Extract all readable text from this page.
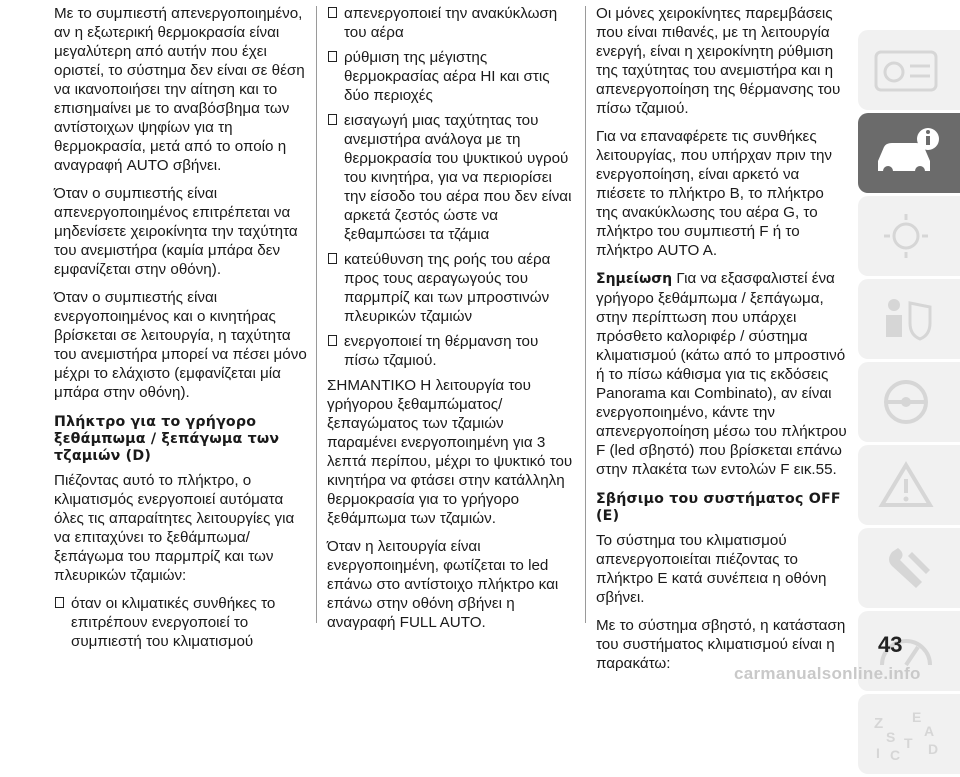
Με το συμπιεστή απενεργοποιημένο, αν η εξωτερική θερμοκρασία είναι μεγαλύτερη από αυτήν που έχει οριστεί, το σύστημα δεν είναι σε θέση να ικανοποιήσει την αίτηση και το επισημαίνει με το αναβόσβημα των αντίστοιχων ψηφίων για τη θερμοκρασία, μετά από το οποίο η αναγραφή AUTO σβήνει.

Όταν ο συμπιεστής είναι απενεργοποιημένος επιτρέπεται να μηδενίσετε χειροκίνητα την ταχύτητα του ανεμιστήρα (καμία μπάρα δεν εμφανίζεται στην οθόνη).

Όταν ο συμπιεστής είναι ενεργοποιημένος και ο κινητήρας βρίσκεται σε λειτουργία, η ταχύτητα του ανεμιστήρα μπορεί να πέσει μόνο μέχρι το ελάχιστο (εμφανίζεται μία μπάρα στην οθόνη).

Πλήκτρο για το γρήγορο ξεθάμπωμα / ξεπάγωμα των τζαμιών (D)

Πιέζοντας αυτό το πλήκτρο, ο κλιματισμός ενεργοποιεί αυτόματα όλες τις απαραίτητες λειτουργίες για να επιταχύνει το ξεθάμπωμα/ξεπάγωμα του παρμπρίζ και των πλευρικών τζαμιών:

όταν οι κλιματικές συνθήκες το επιτρέπουν ενεργοποιεί το συμπιεστή του κλιματισμού
απενεργοποιεί την ανακύκλωση του αέρα
ρύθμιση της μέγιστης θερμοκρασίας αέρα HI και στις δύο περιοχές
εισαγωγή μιας ταχύτητας του ανεμιστήρα ανάλογα με τη θερμοκρασία του ψυκτικού υγρού του κινητήρα, για να περιορίσει την είσοδο του αέρα που δεν είναι αρκετά ζεστός ώστε να ξεθαμπώσει τα τζάμια
κατεύθυνση της ροής του αέρα προς τους αεραγωγούς του παρμπρίζ και των μπροστινών πλευρικών τζαμιών
ενεργοποιεί τη θέρμανση του πίσω τζαμιού.

ΣΗΜΑΝΤΙΚΟ Η λειτουργία του γρήγορου ξεθαμπώματος/ξεπαγώματος των τζαμιών παραμένει ενεργοποιημένη για 3 λεπτά περίπου, μέχρι το ψυκτικό του κινητήρα να φτάσει στην κατάλληλη θερμοκρασία για το γρήγορο ξεθάμπωμα των τζαμιών.

Όταν η λειτουργία είναι ενεργοποιημένη, φωτίζεται το led επάνω στο αντίστοιχο πλήκτρο και επάνω στην οθόνη σβήνει η αναγραφή FULL AUTO.

Οι μόνες χειροκίνητες παρεμβάσεις που είναι πιθανές, με τη λειτουργία ενεργή, είναι η χειροκίνητη ρύθμιση της ταχύτητας του ανεμιστήρα και η απενεργοποίηση της θέρμανσης του πίσω τζαμιού.

Για να επαναφέρετε τις συνθήκες λειτουργίας, που υπήρχαν πριν την ενεργοποίηση, είναι αρκετό να πιέσετε το πλήκτρο B, το πλήκτρο της ανακύκλωσης του αέρα G, το πλήκτρο του συμπιεστή F ή το πλήκτρο AUTO A.

Σημείωση Για να εξασφαλιστεί ένα γρήγορο ξεθάμπωμα / ξεπάγωμα, στην περίπτωση που υπάρχει πρόσθετο καλοριφέρ / σύστημα κλιματισμού (κάτω από το μπροστινό ή το πίσω κάθισμα για τις εκδόσεις Panorama και Combinato), αν είναι ενεργοποιημένο, κάντε την απενεργοποίηση μέσω του πλήκτρου F (led σβηστό) που βρίσκεται επάνω στην πλακέτα των εντολών F εικ.55.

Σβήσιμο του συστήματος OFF (E)

Το σύστημα του κλιματισμού απενεργοποιείται πιέζοντας το πλήκτρο E κατά συνέπεια η οθόνη σβήνει.

Με το σύστημα σβηστό, η κατάσταση του συστήματος κλιματισμού είναι η παρακάτω:

Z E
A
S T D
I C
43
carmanualsonline.info
